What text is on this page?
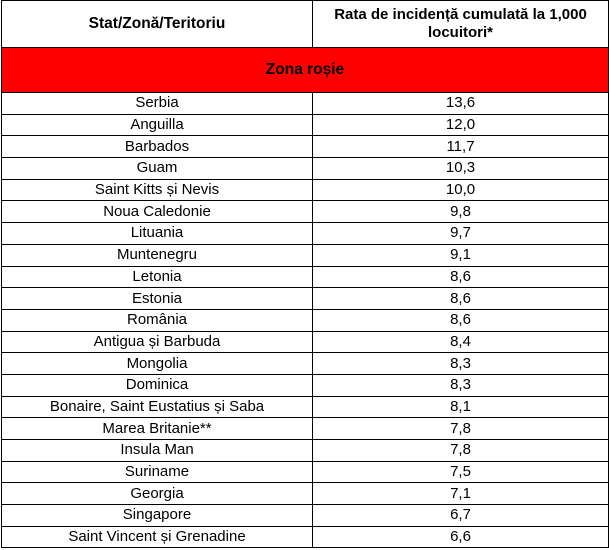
Stat/Zonă/Teritoriu	Rata de incidență cumulată la 1,000
locuitori*
Zona roșie	
Serbia	13,6
Anguilla	12,0
Barbados	11,7
Guam	10,3
Saint Kitts și Nevis	10,0
Noua Caledonie	9,8
Lituania	9,7
Muntenegru	9,1
Letonia	8,6
Estonia	8,6
România	8,6
Antigua și Barbuda	8,4
Mongolia	8,3
Dominica	8,3
Bonaire, Saint Eustatius și Saba	8,1
Marea Britanie**	7,8
Insula Man	7,8
Suriname	7,5
Georgia	7,1
Singapore	6,7
Saint Vincent și Grenadine	6,6
